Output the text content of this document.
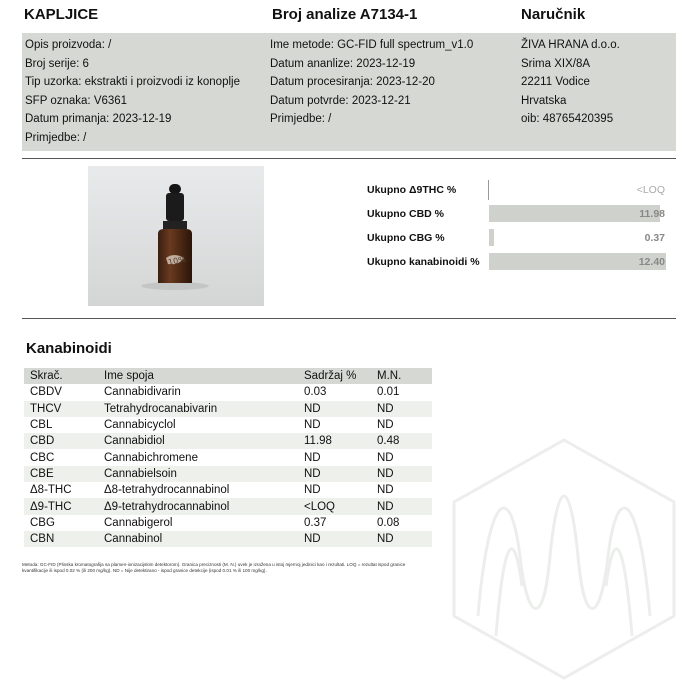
KAPLJICE	Broj analize A7134-1	Naručnik
Opis proizvoda: /
Broj serije: 6
Tip uzorka: ekstrakti i proizvodi iz konoplje
SFP oznaka: V6361
Datum primanja: 2023-12-19
Primjedbe: /
Ime metode: GC-FID full spectrum_v1.0
Datum ananlize: 2023-12-19
Datum procesiranja: 2023-12-20
Datum potvrde: 2023-12-21
Primjedbe: /
ŽIVA HRANA d.o.o.
Srima XIX/8A
22211 Vodice
Hrvatska
oib: 48765420395
10%
Ukupno Δ9THC %	<LOQ
Ukupno CBD %	11.98
Ukupno CBG %	0.37
Ukupno kanabinoidi %	12.40
Kanabinoidi
Skrač.	Ime spoja	Sadržaj %	M.N.
CBDV	Cannabidivarin	0.03	0.01
THCV	Tetrahydrocanabivarin	ND	ND
CBL	Cannabicyclol	ND	ND
CBD	Cannabidiol	11.98	0.48
CBC	Cannabichromene	ND	ND
CBE	Cannabielsoin	ND	ND
Δ8-THC	Δ8-tetrahydrocannabinol	ND	ND
Δ9-THC	Δ9-tetrahydrocannabinol	<LOQ	ND
CBG	Cannabigerol	0.37	0.08
CBN	Cannabinol	ND	ND
Metoda: GC-FID (Plinska kromatografija sa plamen-ionizacijskim detektorom). Granica preciznosti (M. N.) uvek je izražena u istoj mjernoj jedinici kao i rezultati. LOQ = rezultat ispod granice kvantifikacije ili ispod 0.02 % (ili 200 mg/kg). ND = Nije detektirano - ispod granice detekcije (ispod 0.01 % ili 100 mg/kg).
